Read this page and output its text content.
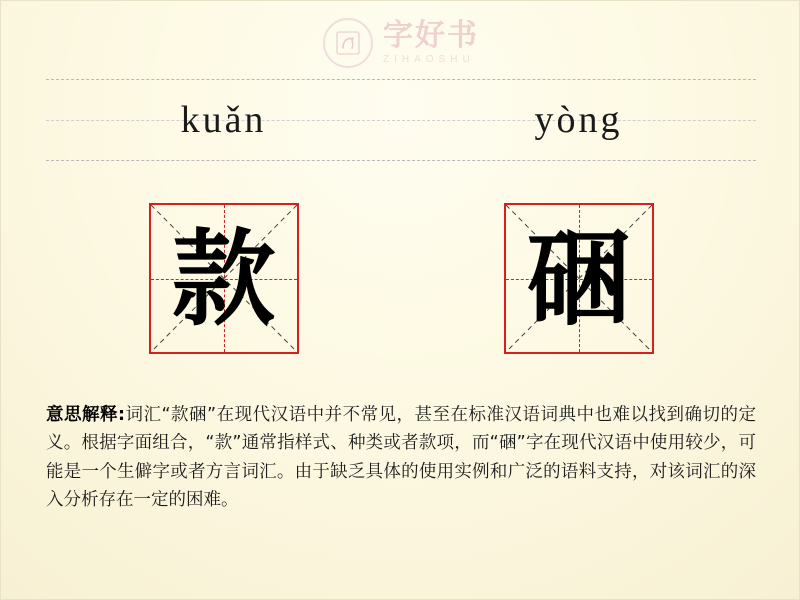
字好书
ZIHAOSHU
kuǎn	yòng
款 硱
意思解释:词汇“款硱”在现代汉语中并不常见，甚至在标准汉语词典中也难以找到确切的定义。根据字面组合，“款”通常指样式、种类或者款项，而“硱”字在现代汉语中使用较少，可能是一个生僻字或者方言词汇。由于缺乏具体的使用实例和广泛的语料支持，对该词汇的深入分析存在一定的困难。
